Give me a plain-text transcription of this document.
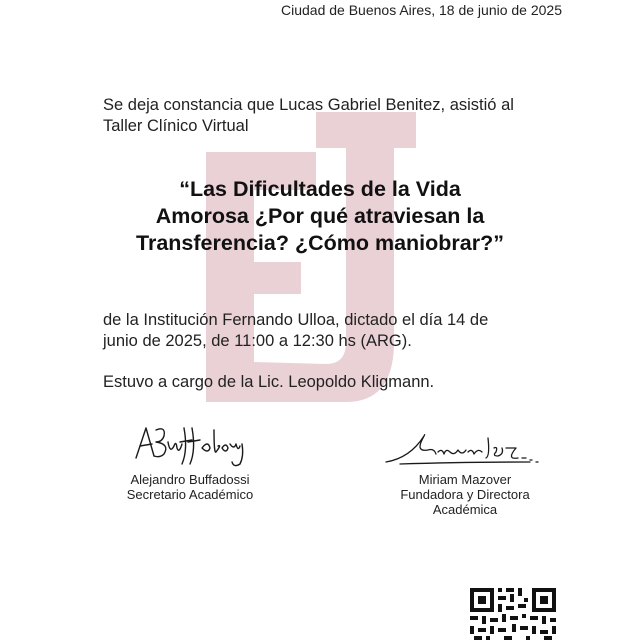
Ciudad de Buenos Aires, 18 de junio de 2025
Se deja constancia que Lucas Gabriel Benitez, asistió al
Taller Clínico Virtual
“Las Dificultades de la Vida
Amorosa ¿Por qué atraviesan la
Transferencia? ¿Cómo maniobrar?”
de la Institución Fernando Ulloa, dictado el día 14 de
junio de 2025, de 11:00 a 12:30 hs (ARG).
Estuvo a cargo de la Lic. Leopoldo Kligmann.
Alejandro Buffadossi
Secretario Académico
Miriam Mazover
Fundadora y Directora
Académica
